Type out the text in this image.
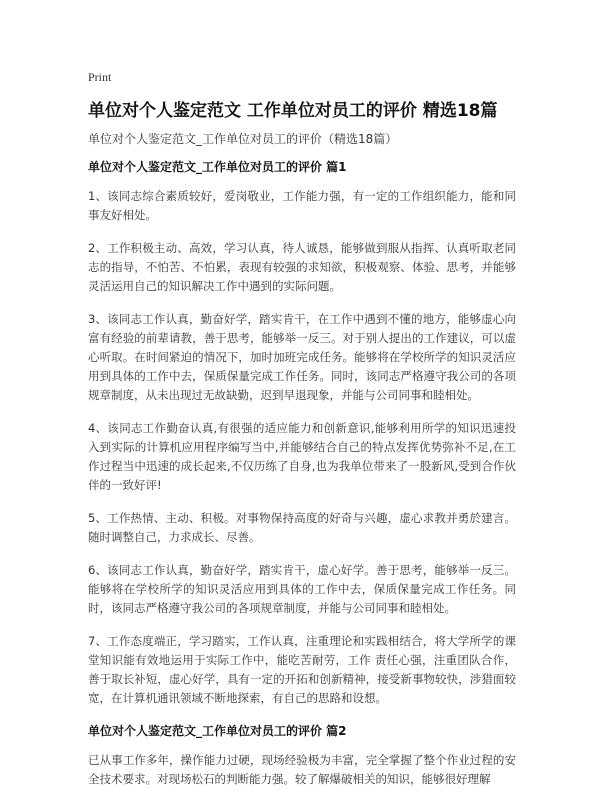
Print
单位对个人鉴定范文 工作单位对员工的评价 精选18篇
单位对个人鉴定范文_工作单位对员工的评价（精选18篇）
单位对个人鉴定范文_工作单位对员工的评价 篇1

1、该同志综合素质较好，爱岗敬业，工作能力强，有一定的工作组织能力，能和同事友好相处。

2、工作积极主动、高效，学习认真，待人诚恳，能够做到服从指挥、认真听取老同志的指导，不怕苦、不怕累，表现有较强的求知欲，积极观察、体验、思考，并能够灵活运用自己的知识解决工作中遇到的实际问题。

3、该同志工作认真，勤奋好学，踏实肯干，在工作中遇到不懂的地方，能够虚心向富有经验的前辈请教，善于思考，能够举一反三。对于别人提出的工作建议，可以虚心听取。在时间紧迫的情况下，加时加班完成任务。能够将在学校所学的知识灵活应用到具体的工作中去，保质保量完成工作任务。同时，该同志严格遵守我公司的各项规章制度，从未出现过无故缺勤，迟到早退现象，并能与公司同事和睦相处。

4、该同志工作勤奋认真,有很强的适应能力和创新意识,能够利用所学的知识迅速投入到实际的计算机应用程序编写当中,并能够结合自己的特点发挥优势弥补不足,在工作过程当中迅速的成长起来,不仅历练了自身,也为我单位带来了一股新风,受到合作伙伴的一致好评!

5、工作热情、主动、积极。对事物保持高度的好奇与兴趣，虚心求教并勇於建言。随时调整自己，力求成长、尽善。

6、该同志工作认真，勤奋好学，踏实肯干，虚心好学。善于思考，能够举一反三。能够将在学校所学的知识灵活应用到具体的工作中去，保质保量完成工作任务。同时，该同志严格遵守我公司的各项规章制度，并能与公司同事和睦相处。

7、工作态度端正，学习踏实，工作认真，注重理论和实践相结合，将大学所学的课堂知识能有效地运用于实际工作中，能吃苦耐劳，工作 责任心强，注重团队合作，善于取长补短，虚心好学，具有一定的开拓和创新精神，接受新事物较快，涉猎面较宽，在计算机通讯领域不断地探索，有自己的思路和设想。

单位对个人鉴定范文_工作单位对员工的评价 篇2

已从事工作多年，操作能力过硬，现场经验极为丰富，完全掌握了整个作业过程的安全技术要求。对现场松石的判断能力强。较了解爆破相关的知识，能够很好理解
